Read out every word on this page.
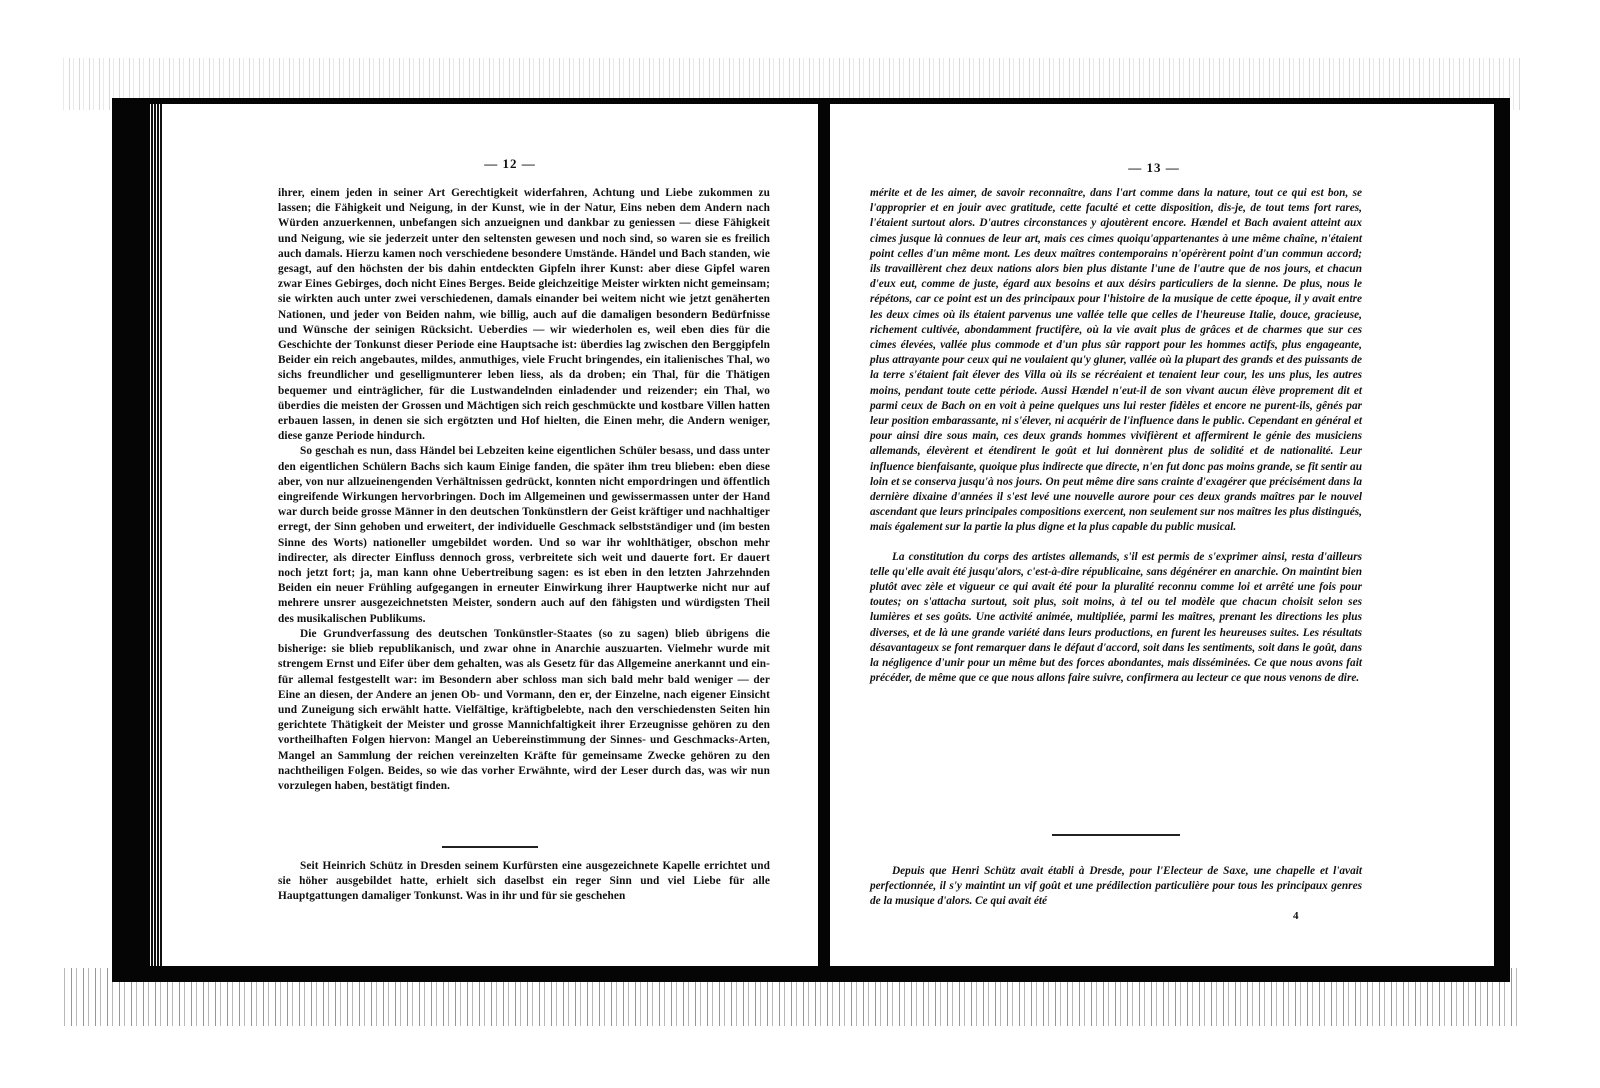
— 12 —

ihrer, einem jeden in seiner Art Gerechtigkeit widerfahren, Achtung und Liebe zukommen zu lassen; die Fähigkeit und Neigung, in der Kunst, wie in der Natur, Eins neben dem Andern nach Würden anzuerkennen, unbefangen sich anzueignen und dankbar zu geniessen — diese Fähigkeit und Neigung, wie sie jederzeit unter den seltensten gewesen und noch sind, so waren sie es freilich auch damals. Hierzu kamen noch verschiedene besondere Umstände. Händel und Bach standen, wie gesagt, auf den höchsten der bis dahin entdeckten Gipfeln ihrer Kunst: aber diese Gipfel waren zwar Eines Gebirges, doch nicht Eines Berges. Beide gleichzeitige Meister wirkten nicht gemeinsam; sie wirkten auch unter zwei verschiedenen, damals einander bei weitem nicht wie jetzt genäherten Nationen, und jeder von Beiden nahm, wie billig, auch auf die damaligen besondern Bedürfnisse und Wünsche der seinigen Rücksicht. Ueberdies — wir wiederholen es, weil eben dies für die Geschichte der Tonkunst dieser Periode eine Hauptsache ist: überdies lag zwischen den Berggipfeln Beider ein reich angebautes, mildes, anmuthiges, viele Frucht bringendes, ein italienisches Thal, wo sichs freundlicher und geselligmunterer leben liess, als da droben; ein Thal, für die Thätigen bequemer und einträglicher, für die Lustwandelnden einladender und reizender; ein Thal, wo überdies die meisten der Grossen und Mächtigen sich reich geschmückte und kostbare Villen hatten erbauen lassen, in denen sie sich ergötzten und Hof hielten, die Einen mehr, die Andern weniger, diese ganze Periode hindurch.

So geschah es nun, dass Händel bei Lebzeiten keine eigentlichen Schüler besass, und dass unter den eigentlichen Schülern Bachs sich kaum Einige fanden, die später ihm treu blieben: eben diese aber, von nur allzueinengenden Verhältnissen gedrückt, konnten nicht empordringen und öffentlich eingreifende Wirkungen hervorbringen. Doch im Allgemeinen und gewissermassen unter der Hand war durch beide grosse Männer in den deutschen Tonkünstlern der Geist kräftiger und nachhaltiger erregt, der Sinn gehoben und erweitert, der individuelle Geschmack selbstständiger und (im besten Sinne des Worts) nationeller umgebildet worden. Und so war ihr wohlthätiger, obschon mehr indirecter, als directer Einfluss dennoch gross, verbreitete sich weit und dauerte fort. Er dauert noch jetzt fort; ja, man kann ohne Uebertreibung sagen: es ist eben in den letzten Jahrzehnden Beiden ein neuer Frühling aufgegangen in erneuter Einwirkung ihrer Hauptwerke nicht nur auf mehrere unsrer ausgezeichnetsten Meister, sondern auch auf den fähigsten und würdigsten Theil des musikalischen Publikums.

Die Grundverfassung des deutschen Tonkünstler-Staates (so zu sagen) blieb übrigens die bisherige: sie blieb republikanisch, und zwar ohne in Anarchie auszuarten. Vielmehr wurde mit strengem Ernst und Eifer über dem gehalten, was als Gesetz für das Allgemeine anerkannt und ein- für allemal festgestellt war: im Besondern aber schloss man sich bald mehr bald weniger — der Eine an diesen, der Andere an jenen Ob- und Vormann, den er, der Einzelne, nach eigener Einsicht und Zuneigung sich erwählt hatte. Vielfältige, kräftigbelebte, nach den verschiedensten Seiten hin gerichtete Thätigkeit der Meister und grosse Mannichfaltigkeit ihrer Erzeugnisse gehören zu den vortheilhaften Folgen hiervon: Mangel an Uebereinstimmung der Sinnes- und Geschmacks-Arten, Mangel an Sammlung der reichen vereinzelten Kräfte für gemeinsame Zwecke gehören zu den nachtheiligen Folgen. Beides, so wie das vorher Erwähnte, wird der Leser durch das, was wir nun vorzulegen haben, bestätigt finden.

Seit Heinrich Schütz in Dresden seinem Kurfürsten eine ausgezeichnete Kapelle errichtet und sie höher ausgebildet hatte, erhielt sich daselbst ein reger Sinn und viel Liebe für alle Hauptgattungen damaliger Tonkunst. Was in ihr und für sie geschehen

— 13 —

mérite et de les aimer, de savoir reconnaître, dans l'art comme dans la nature, tout ce qui est bon, se l'approprier et en jouir avec gratitude, cette faculté et cette disposition, dis-je, de tout tems fort rares, l'étaient surtout alors. D'autres circonstances y ajoutèrent encore. Hændel et Bach avaient atteint aux cimes jusque là connues de leur art, mais ces cimes quoiqu'appartenantes à une même chaîne, n'étaient point celles d'un même mont. Les deux maîtres contemporains n'opérèrent point d'un commun accord; ils travaillèrent chez deux nations alors bien plus distante l'une de l'autre que de nos jours, et chacun d'eux eut, comme de juste, égard aux besoins et aux désirs particuliers de la sienne. De plus, nous le répétons, car ce point est un des principaux pour l'histoire de la musique de cette époque, il y avait entre les deux cimes où ils étaient parvenus une vallée telle que celles de l'heureuse Italie, douce, gracieuse, richement cultivée, abondamment fructifère, où la vie avait plus de grâces et de charmes que sur ces cimes élevées, vallée plus commode et d'un plus sûr rapport pour les hommes actifs, plus engageante, plus attrayante pour ceux qui ne voulaient qu'y gluner, vallée où la plupart des grands et des puissants de la terre s'étaient fait élever des Villa où ils se récréaient et tenaient leur cour, les uns plus, les autres moins, pendant toute cette période. Aussi Hændel n'eut-il de son vivant aucun élève proprement dit et parmi ceux de Bach on en voit à peine quelques uns lui rester fidèles et encore ne purent-ils, gênés par leur position embarassante, ni s'élever, ni acquérir de l'influence dans le public. Cependant en général et pour ainsi dire sous main, ces deux grands hommes vivifièrent et affermirent le génie des musiciens allemands, élevèrent et étendirent le goût et lui donnèrent plus de solidité et de nationalité. Leur influence bienfaisante, quoique plus indirecte que directe, n'en fut donc pas moins grande, se fit sentir au loin et se conserva jusqu'à nos jours. On peut même dire sans crainte d'exagérer que précisément dans la dernière dixaine d'années il s'est levé une nouvelle aurore pour ces deux grands maîtres par le nouvel ascendant que leurs principales compositions exercent, non seulement sur nos maîtres les plus distingués, mais également sur la partie la plus digne et la plus capable du public musical.

La constitution du corps des artistes allemands, s'il est permis de s'exprimer ainsi, resta d'ailleurs telle qu'elle avait été jusqu'alors, c'est-à-dire républicaine, sans dégénérer en anarchie. On maintint bien plutôt avec zèle et vigueur ce qui avait été pour la pluralité reconnu comme loi et arrêté une fois pour toutes; on s'attacha surtout, soit plus, soit moins, à tel ou tel modèle que chacun choisit selon ses lumières et ses goûts. Une activité animée, multipliée, parmi les maîtres, prenant les directions les plus diverses, et de là une grande variété dans leurs productions, en furent les heureuses suites. Les résultats désavantageux se font remarquer dans le défaut d'accord, soit dans les sentiments, soit dans le goût, dans la négligence d'unir pour un même but des forces abondantes, mais disséminées. Ce que nous avons fait précéder, de même que ce que nous allons faire suivre, confirmera au lecteur ce que nous venons de dire.

Depuis que Henri Schütz avait établi à Dresde, pour l'Electeur de Saxe, une chapelle et l'avait perfectionnée, il s'y maintint un vif goût et une prédilection particulière pour tous les principaux genres de la musique d'alors. Ce qui avait été

4
